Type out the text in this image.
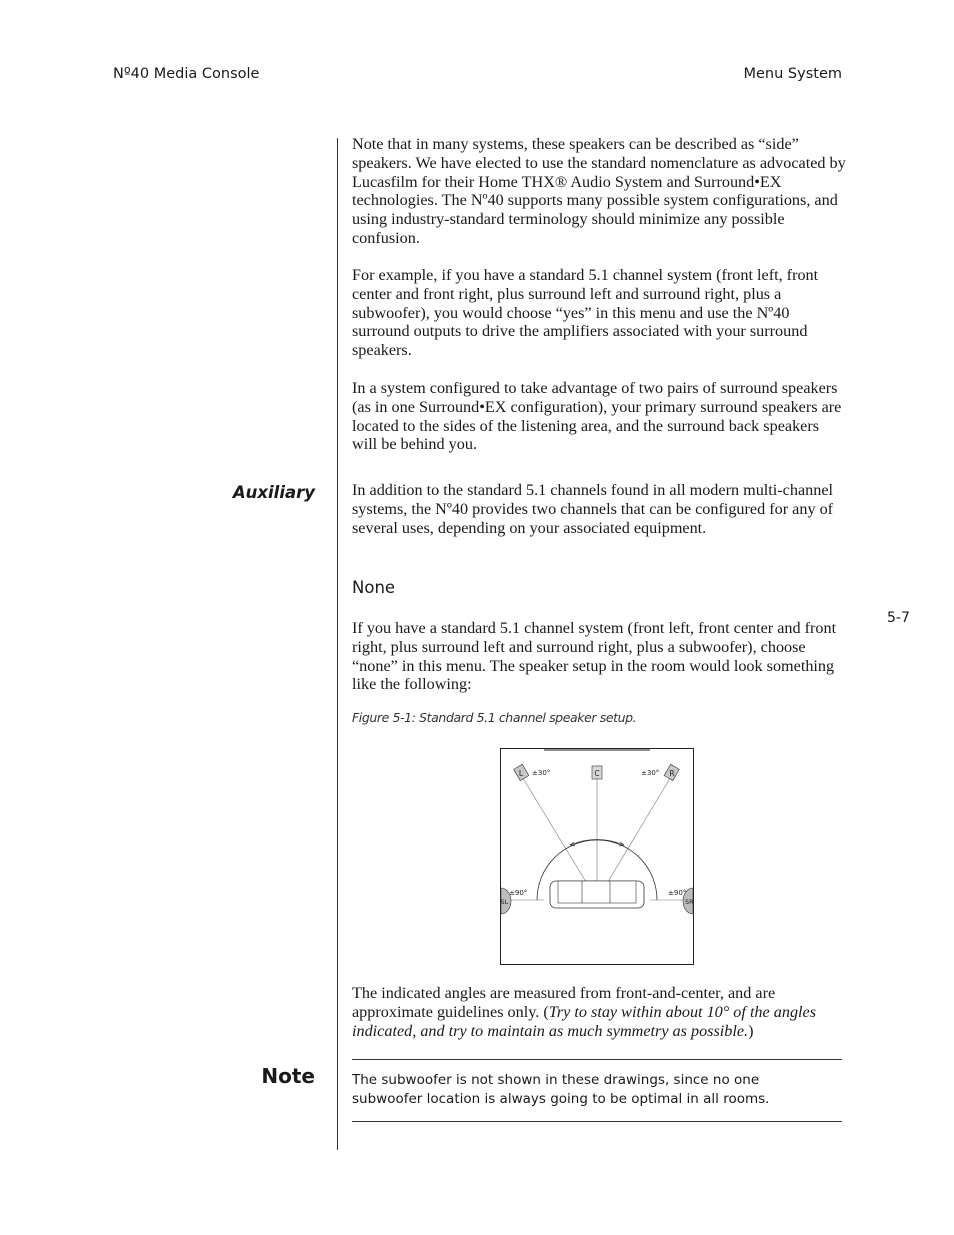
Nº40 Media Console	Menu System

Note that in many systems, these speakers can be described as “side” speakers. We have elected to use the standard nomenclature as advocated by Lucasfilm for their Home THX® Audio System and Surround•EX technologies. The Nº40 supports many possible system configurations, and using industry-standard terminology should minimize any possible confusion.

For example, if you have a standard 5.1 channel system (front left, front center and front right, plus surround left and surround right, plus a subwoofer), you would choose “yes” in this menu and use the Nº40 surround outputs to drive the amplifiers associated with your surround speakers.

In a system configured to take advantage of two pairs of surround speakers (as in one Surround•EX configuration), your primary surround speakers are located to the sides of the listening area, and the surround back speakers will be behind you.

Auxiliary In addition to the standard 5.1 channels found in all modern multi-channel systems, the Nº40 provides two channels that can be configured for any of several uses, depending on your associated equipment.

None

If you have a standard 5.1 channel system (front left, front center and front right, plus surround left and surround right, plus a subwoofer), choose “none” in this menu. The speaker setup in the room would look something like the following:

Figure 5-1: Standard 5.1 channel speaker setup.
5-7
L	C	R
SL	SR
±30°	±30°
±90°	±90°

The indicated angles are measured from front-and-center, and are approximate guidelines only. (Try to stay within about 10° of the angles indicated, and try to maintain as much symmetry as possible.)

Note	The subwoofer is not shown in these drawings, since no one subwoofer location is always going to be optimal in all rooms.
